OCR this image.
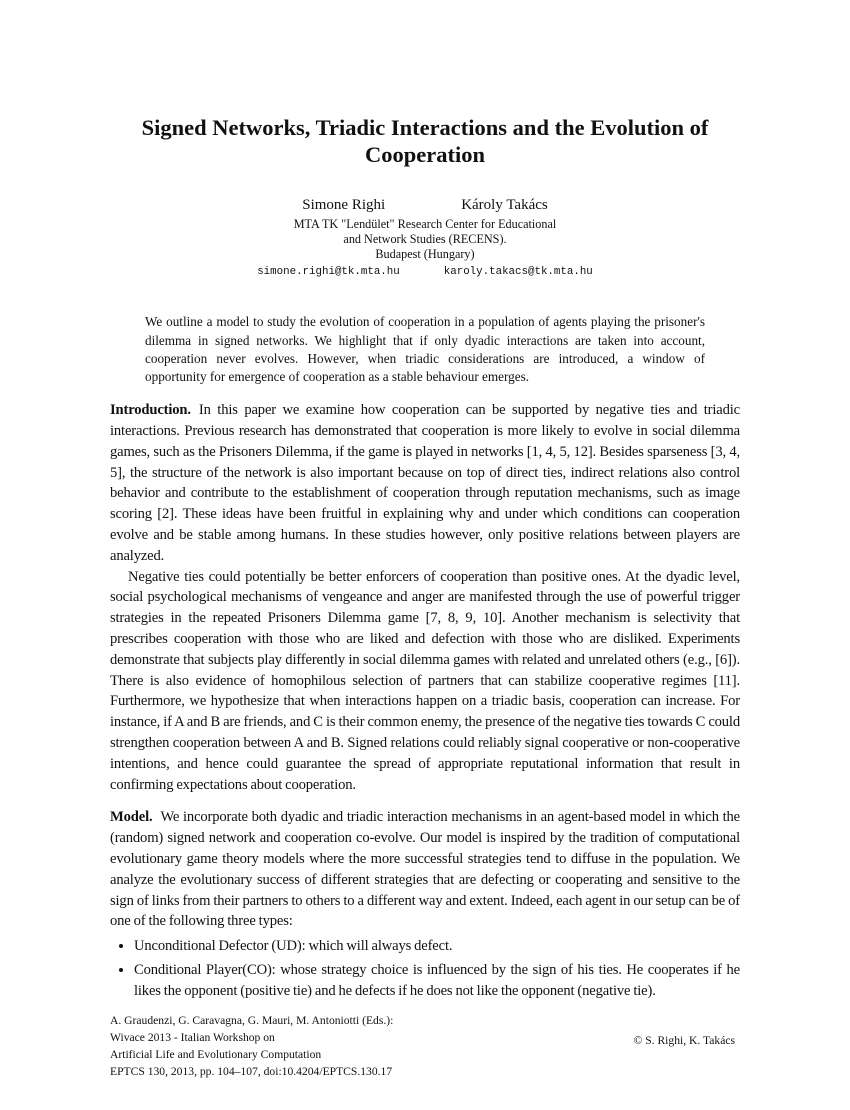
Signed Networks, Triadic Interactions and the Evolution of Cooperation
Simone Righi	Károly Takács
MTA TK "Lendület" Research Center for Educational
and Network Studies (RECENS).
Budapest (Hungary)
simone.righi@tk.mta.hu	karoly.takacs@tk.mta.hu
We outline a model to study the evolution of cooperation in a population of agents playing the prisoner's dilemma in signed networks. We highlight that if only dyadic interactions are taken into account, cooperation never evolves. However, when triadic considerations are introduced, a window of opportunity for emergence of cooperation as a stable behaviour emerges.

Introduction. In this paper we examine how cooperation can be supported by negative ties and triadic interactions. Previous research has demonstrated that cooperation is more likely to evolve in social dilemma games, such as the Prisoners Dilemma, if the game is played in networks [1, 4, 5, 12]. Besides sparseness [3, 4, 5], the structure of the network is also important because on top of direct ties, indirect relations also control behavior and contribute to the establishment of cooperation through reputation mechanisms, such as image scoring [2]. These ideas have been fruitful in explaining why and under which conditions can cooperation evolve and be stable among humans. In these studies however, only positive relations between players are analyzed.

Negative ties could potentially be better enforcers of cooperation than positive ones. At the dyadic level, social psychological mechanisms of vengeance and anger are manifested through the use of powerful trigger strategies in the repeated Prisoners Dilemma game [7, 8, 9, 10]. Another mechanism is selectivity that prescribes cooperation with those who are liked and defection with those who are disliked. Experiments demonstrate that subjects play differently in social dilemma games with related and unrelated others (e.g., [6]). There is also evidence of homophilous selection of partners that can stabilize cooperative regimes [11]. Furthermore, we hypothesize that when interactions happen on a triadic basis, cooperation can increase. For instance, if A and B are friends, and C is their common enemy, the presence of the negative ties towards C could strengthen cooperation between A and B. Signed relations could reliably signal cooperative or non-cooperative intentions, and hence could guarantee the spread of appropriate reputational information that result in confirming expectations about cooperation.

Model. We incorporate both dyadic and triadic interaction mechanisms in an agent-based model in which the (random) signed network and cooperation co-evolve. Our model is inspired by the tradition of computational evolutionary game theory models where the more successful strategies tend to diffuse in the population. We analyze the evolutionary success of different strategies that are defecting or cooperating and sensitive to the sign of links from their partners to others to a different way and extent. Indeed, each agent in our setup can be of one of the following three types:

• Unconditional Defector (UD): which will always defect.
• Conditional Player(CO): whose strategy choice is influenced by the sign of his ties. He cooperates if he likes the opponent (positive tie) and he defects if he does not like the opponent (negative tie).
A. Graudenzi, G. Caravagna, G. Mauri, M. Antoniotti (Eds.):
Wivace 2013 - Italian Workshop on
Artificial Life and Evolutionary Computation
EPTCS 130, 2013, pp. 104–107, doi:10.4204/EPTCS.130.17
© S. Righi, K. Takács
